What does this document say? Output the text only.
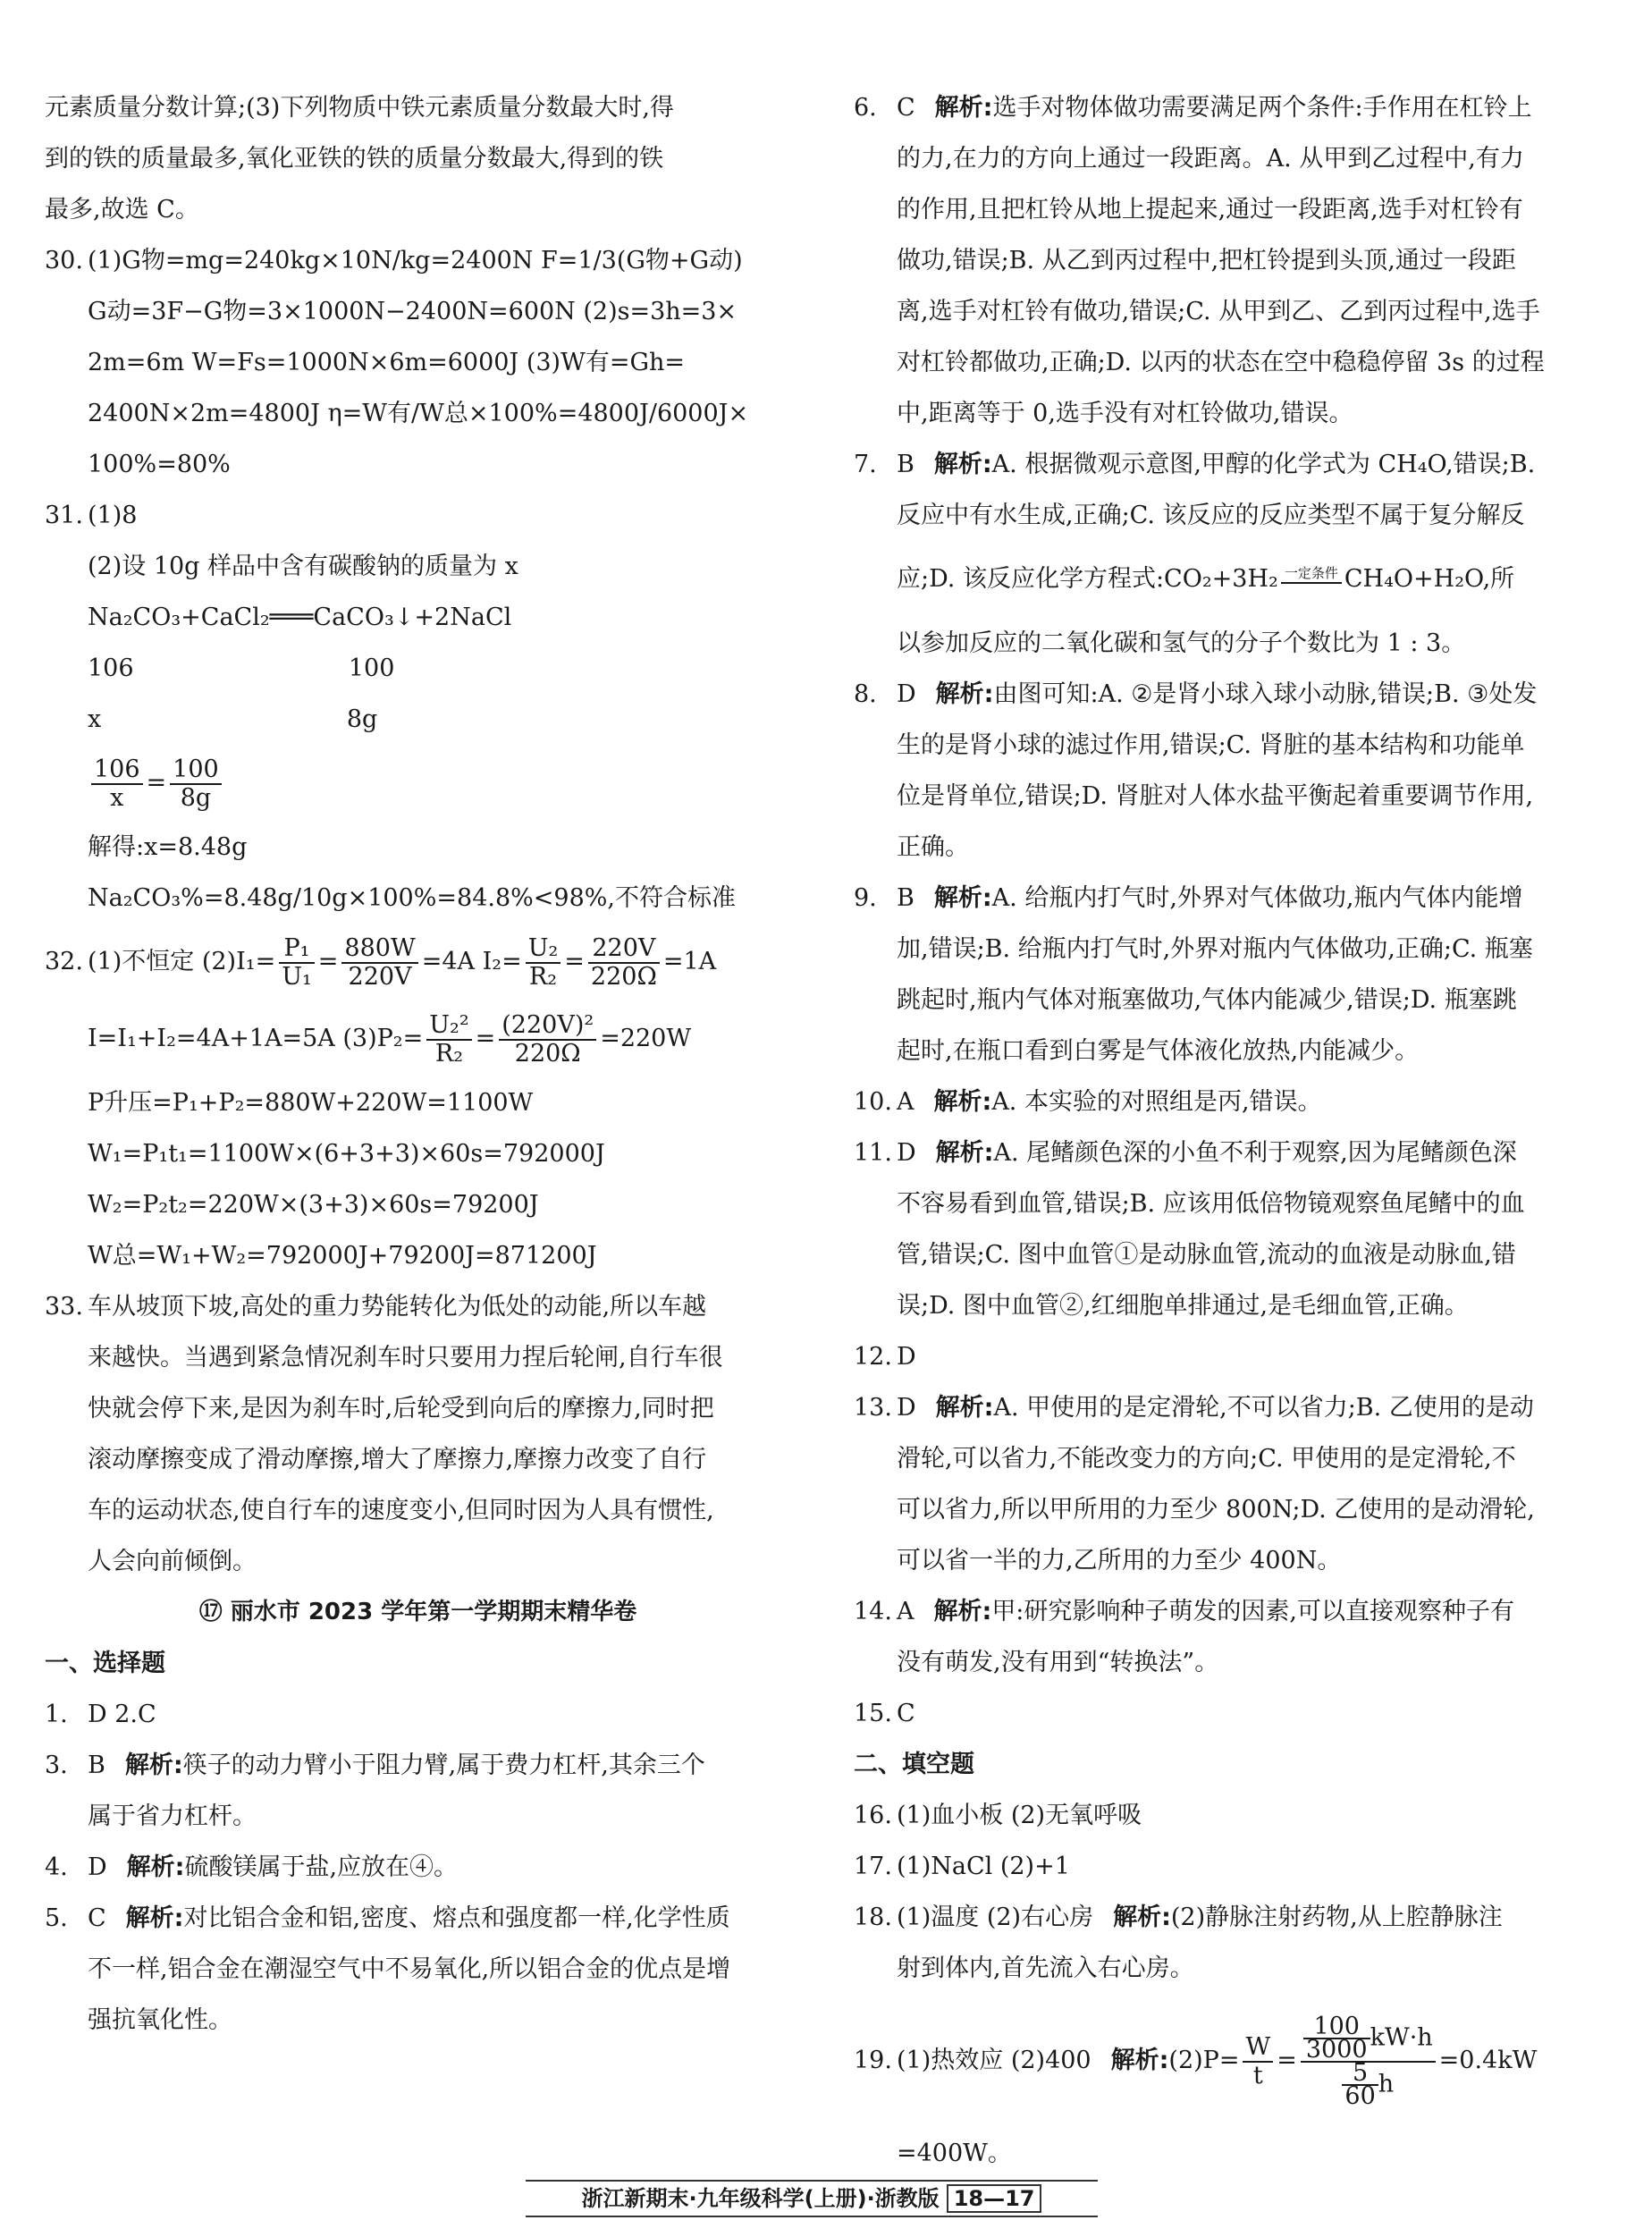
元素质量分数计算;(3)下列物质中铁元素质量分数最大时,得
到的铁的质量最多,氧化亚铁的铁的质量分数最大,得到的铁
最多,故选 C。
30. (1)G物=mg=240kg×10N/kg=2400N F=1/3(G物+G动)
G动=3F−G物=3×1000N−2400N=600N (2)s=3h=3×
2m=6m W=Fs=1000N×6m=6000J (3)W有=Gh=
2400N×2m=4800J η=W有/W总×100%=4800J/6000J×
100%=80%
31. (1)8
(2)设 10g 样品中含有碳酸钠的质量为 x
Na₂CO₃+CaCl₂═══CaCO₃↓+2NaCl
106                            100
x                                8g
$\frac{106}{x} = \frac{100}{8g}$
解得:x=8.48g
Na₂CO₃%=8.48g/10g×100%=84.8%<98%,不符合标准
32. (1)不恒定 $(2)I_1= \frac{\text{P₁}}{\text{U₁}} = \frac{880W}{220V} =4A$ $I_2= \frac{\text{U₂}}{\text{R₂}} = \frac{220V}{220\Omega} =1A$
I=I₁+I₂=4A+1A=5A $(3)P_2= \frac{\text{U₂²}}{\text{R₂}} = \frac{\text{(220V)²}}{220\Omega} =220W$
P升压=P₁+P₂=880W+220W=1100W
W₁=P₁t₁=1100W×(6+3+3)×60s=792000J
W₂=P₂t₂=220W×(3+3)×60s=79200J
W总=W₁+W₂=792000J+79200J=871200J
33. 车从坡顶下坡,高处的重力势能转化为低处的动能,所以车越
来越快。当遇到紧急情况刹车时只要用力捏后轮闸,自行车很
快就会停下来,是因为刹车时,后轮受到向后的摩擦力,同时把
滚动摩擦变成了滑动摩擦,增大了摩擦力,摩擦力改变了自行
车的运动状态,使自行车的速度变小,但同时因为人具有惯性,
人会向前倾倒。
⑰ 丽水市 2023 学年第一学期期末精华卷
一、选择题
1. D 2.C
3. B 解析:筷子的动力臂小于阻力臂,属于费力杠杆,其余三个
属于省力杠杆。
4. D 解析:硫酸镁属于盐,应放在④。
5. C 解析:对比铝合金和铝,密度、熔点和强度都一样,化学性质
不一样,铝合金在潮湿空气中不易氧化,所以铝合金的优点是增
强抗氧化性。
6. C 解析:选手对物体做功需要满足两个条件:手作用在杠铃上
的力,在力的方向上通过一段距离。A. 从甲到乙过程中,有力
的作用,且把杠铃从地上提起来,通过一段距离,选手对杠铃有
做功,错误;B. 从乙到丙过程中,把杠铃提到头顶,通过一段距
离,选手对杠铃有做功,错误;C. 从甲到乙、乙到丙过程中,选手
对杠铃都做功,正确;D. 以丙的状态在空中稳稳停留 3s 的过程
中,距离等于 0,选手没有对杠铃做功,错误。
7. B 解析:A. 根据微观示意图,甲醇的化学式为 CH₄O,错误;B.
反应中有水生成,正确;C. 该反应的反应类型不属于复分解反
应;D. 该反应化学方程式:CO₂+3H₂ 一定条件 CH₄O+H₂O,所
以参加反应的二氧化碳和氢气的分子个数比为 1 : 3。
8. D 解析:由图可知:A. ②是肾小球入球小动脉,错误;B. ③处发
生的是肾小球的滤过作用,错误;C. 肾脏的基本结构和功能单
位是肾单位,错误;D. 肾脏对人体水盐平衡起着重要调节作用,
正确。
9. B 解析:A. 给瓶内打气时,外界对气体做功,瓶内气体内能增
加,错误;B. 给瓶内打气时,外界对瓶内气体做功,正确;C. 瓶塞
跳起时,瓶内气体对瓶塞做功,气体内能减少,错误;D. 瓶塞跳
起时,在瓶口看到白雾是气体液化放热,内能减少。
10. A 解析:A. 本实验的对照组是丙,错误。
11. D 解析:A. 尾鳍颜色深的小鱼不利于观察,因为尾鳍颜色深
不容易看到血管,错误;B. 应该用低倍物镜观察鱼尾鳍中的血
管,错误;C. 图中血管①是动脉血管,流动的血液是动脉血,错
误;D. 图中血管②,红细胞单排通过,是毛细血管,正确。
12. D
13. D 解析:A. 甲使用的是定滑轮,不可以省力;B. 乙使用的是动
滑轮,可以省力,不能改变力的方向;C. 甲使用的是定滑轮,不
可以省力,所以甲所用的力至少 800N;D. 乙使用的是动滑轮,
可以省一半的力,乙所用的力至少 400N。
14. A 解析:甲:研究影响种子萌发的因素,可以直接观察种子有
没有萌发,没有用到“转换法”。
15. C
二、填空题
16. (1)血小板 (2)无氧呼吸
17. (1)NaCl (2)+1
18. (1)温度 (2)右心房 解析:(2)静脉注射药物,从上腔静脉注
射到体内,首先流入右心房。
19. (1)热效应 (2)400 解析:(2)P= $\frac{W}{t} = \frac{\frac{100}{3000} kW\cdot h}{\frac{5}{60} h} =0.4kW$
=400W。
浙江新期末·九年级科学(上册)·浙教版 18—17
